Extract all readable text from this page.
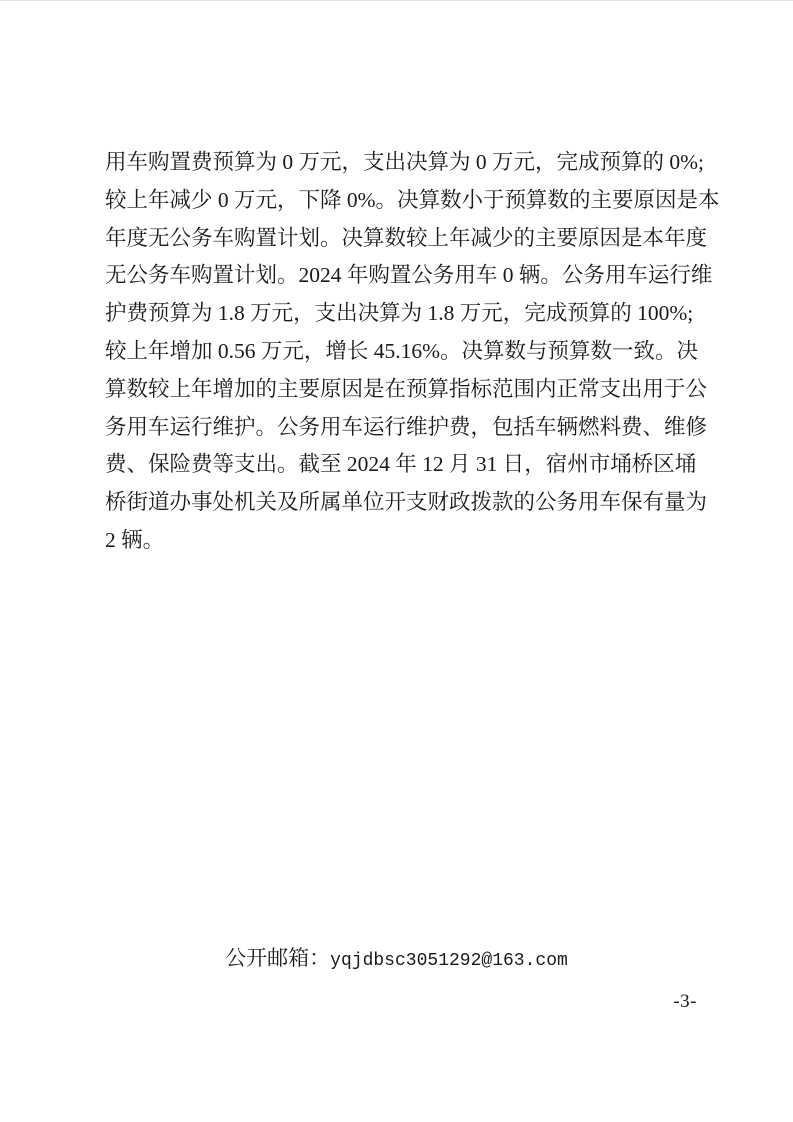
用车购置费预算为 0 万元，支出决算为 0 万元，完成预算的 0%;
较上年减少 0 万元，下降 0%。决算数小于预算数的主要原因是本
年度无公务车购置计划。决算数较上年减少的主要原因是本年度
无公务车购置计划。2024 年购置公务用车 0 辆。公务用车运行维
护费预算为 1.8 万元，支出决算为 1.8 万元，完成预算的 100%;
较上年增加 0.56 万元，增长 45.16%。决算数与预算数一致。决
算数较上年增加的主要原因是在预算指标范围内正常支出用于公
务用车运行维护。公务用车运行维护费，包括车辆燃料费、维修
费、保险费等支出。截至 2024 年 12 月 31 日，宿州市埇桥区埇
桥街道办事处机关及所属单位开支财政拨款的公务用车保有量为
2 辆。
公开邮箱：yqjdbsc3051292@163.com
-3-
